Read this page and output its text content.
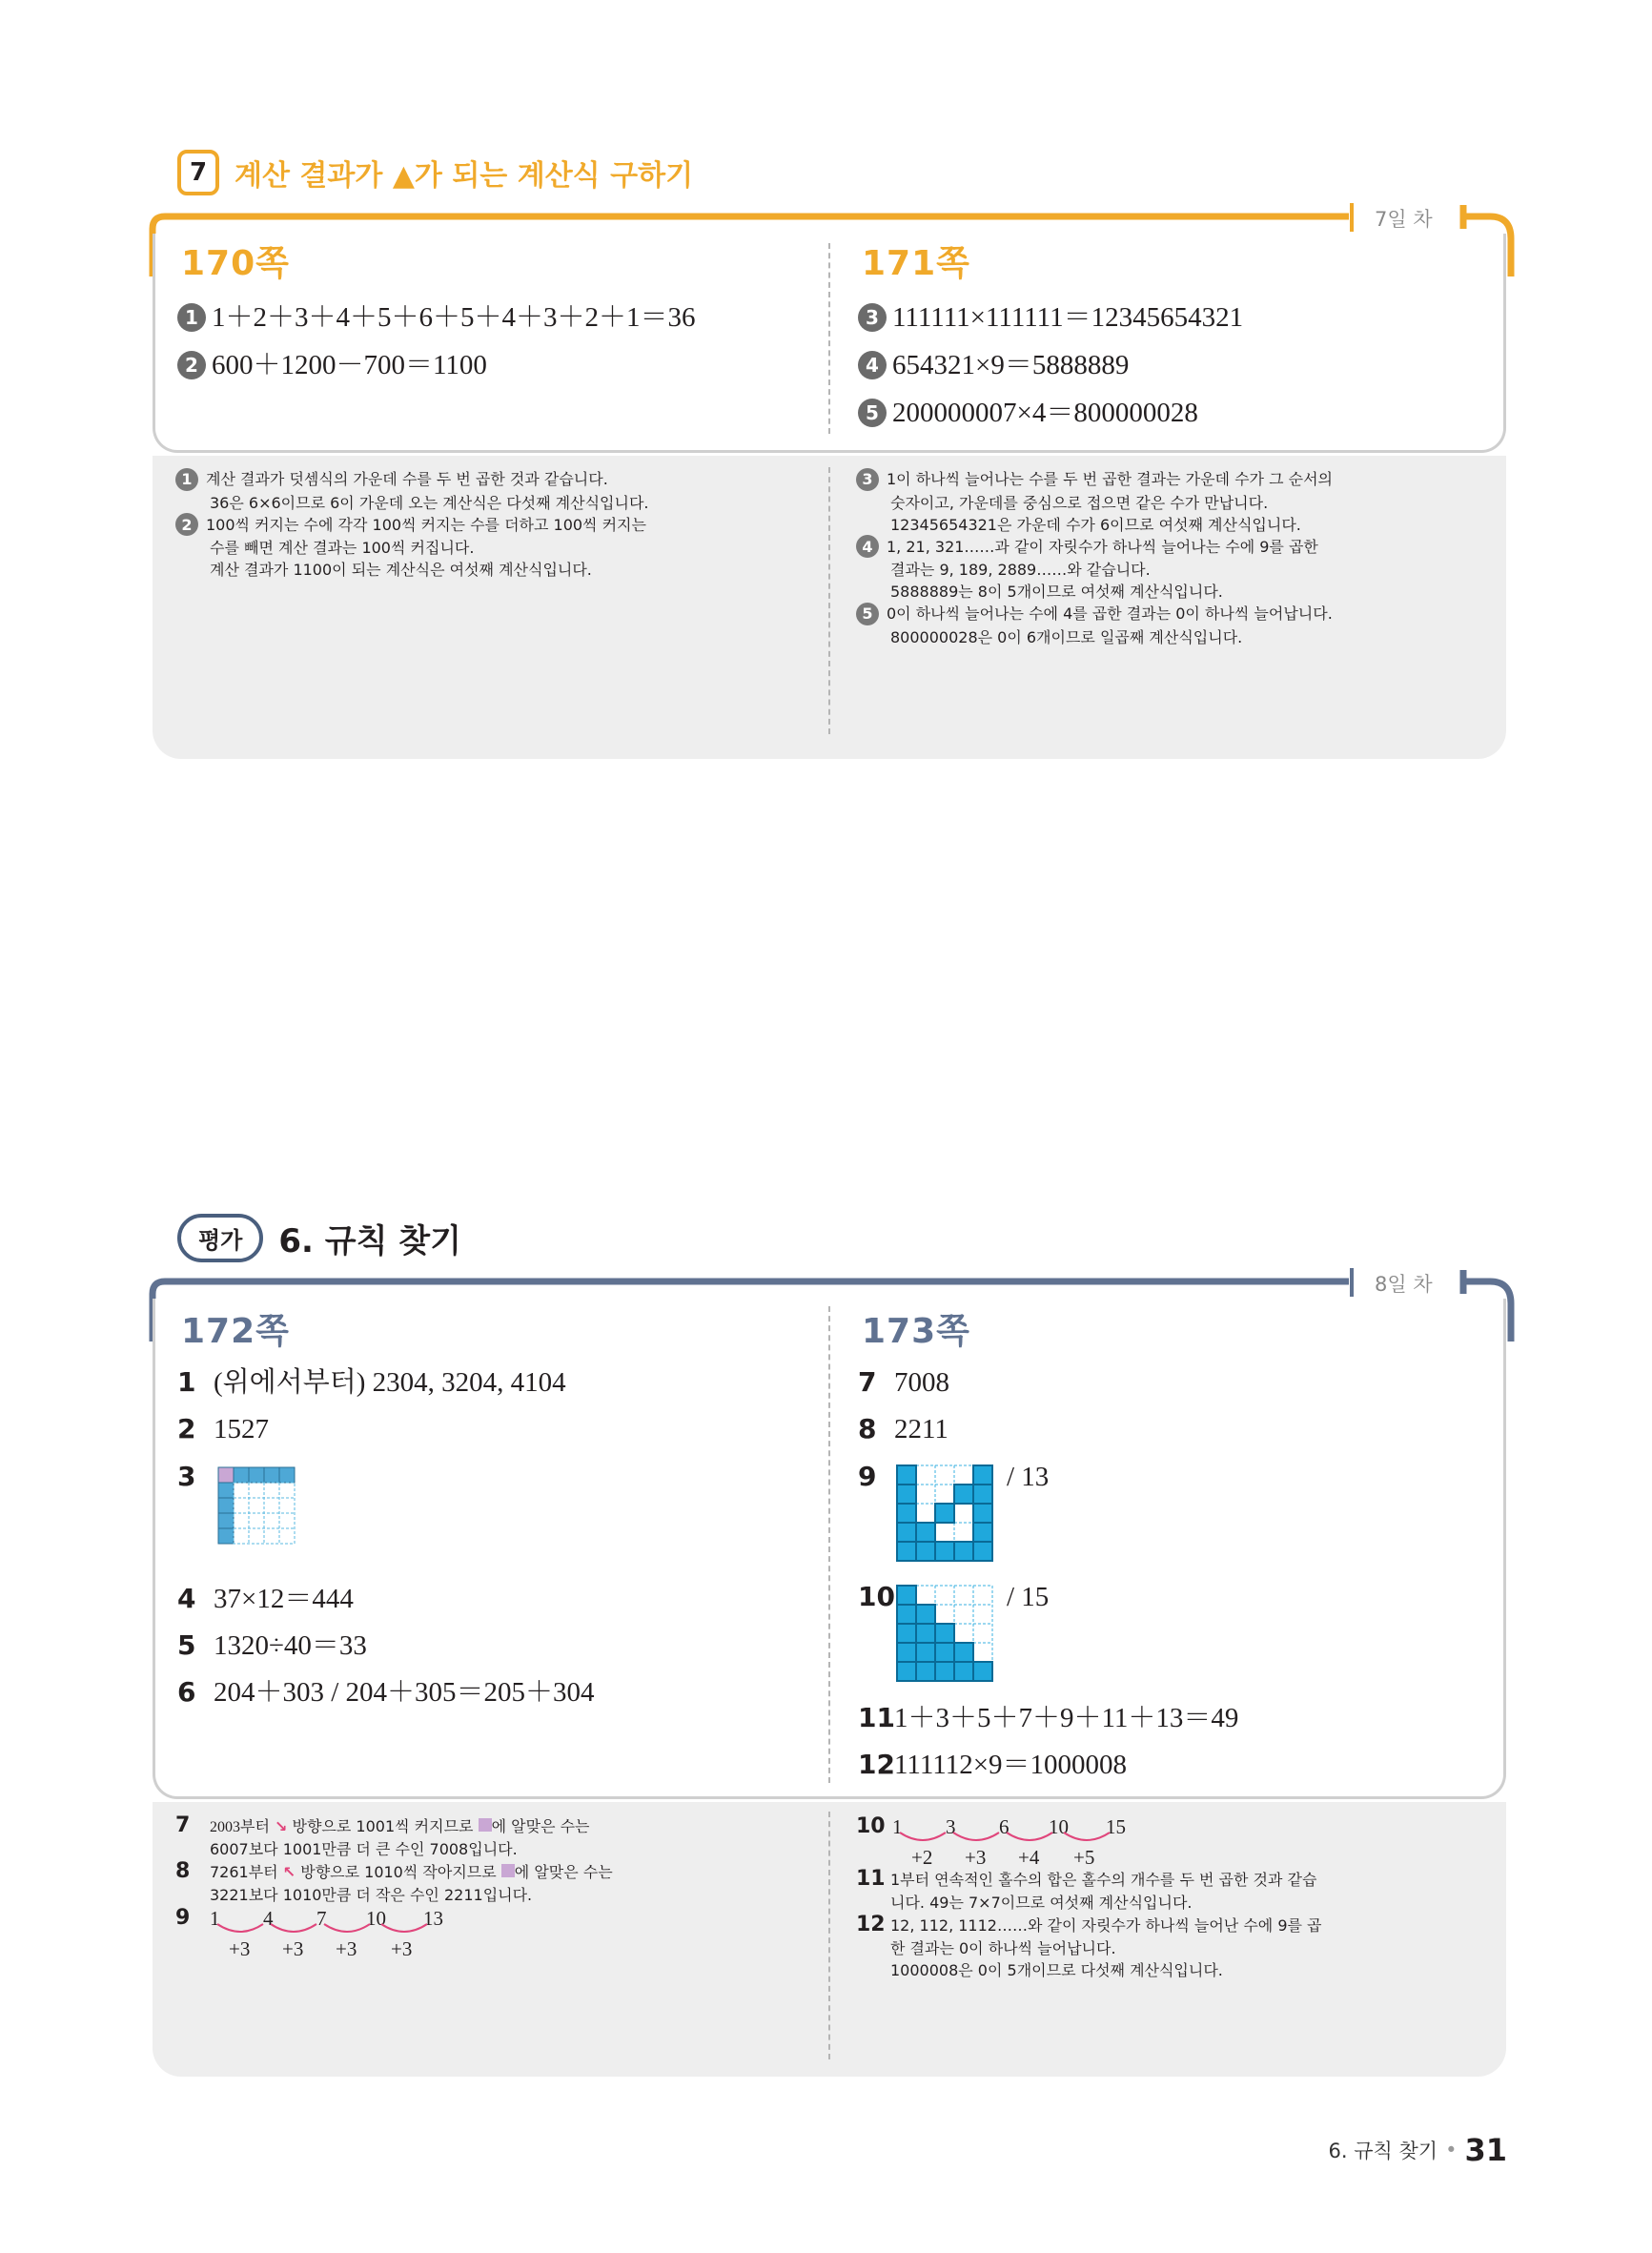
7 계산 결과가 ▲가 되는 계산식 구하기
7일 차
170쪽	171쪽
1 1＋2＋3＋4＋5＋6＋5＋4＋3＋2＋1＝36
2 600＋1200－700＝1100
3 111111×111111＝12345654321
4 654321×9＝5888889
5 200000007×4＝800000028

1 계산 결과가 덧셈식의 가운데 수를 두 번 곱한 것과 같습니다.

36은 6×6이므로 6이 가운데 오는 계산식은 다섯째 계산식입니다.

2 100씩 커지는 수에 각각 100씩 커지는 수를 더하고 100씩 커지는

수를 빼면 계산 결과는 100씩 커집니다.

계산 결과가 1100이 되는 계산식은 여섯째 계산식입니다.

3 1이 하나씩 늘어나는 수를 두 번 곱한 결과는 가운데 수가 그 순서의

숫자이고, 가운데를 중심으로 접으면 같은 수가 만납니다.

12345654321은 가운데 수가 6이므로 여섯째 계산식입니다.

4 1, 21, 321……과 같이 자릿수가 하나씩 늘어나는 수에 9를 곱한

결과는 9, 189, 2889……와 같습니다.

5888889는 8이 5개이므로 여섯째 계산식입니다.

5 0이 하나씩 늘어나는 수에 4를 곱한 결과는 0이 하나씩 늘어납니다.

800000028은 0이 6개이므로 일곱째 계산식입니다.

평가	6. 규칙 찾기
8일 차
172쪽	173쪽
1 (위에서부터) 2304, 3204, 4104
2 1527
3
4 37×12＝444
5 1320÷40＝33
6 204＋303 / 204＋305＝205＋304
7 7008
8 2211
9	/ 13
10	/ 15
11 1＋3＋5＋7＋9＋11＋13＝49
12 111112×9＝1000008

7 2003부터 ↘ 방향으로 1001씩 커지므로 에 알맞은 수는

6007보다 1001만큼 더 큰 수인 7008입니다.

8 7261부터 ↖ 방향으로 1010씩 작아지므로 에 알맞은 수는

3221보다 1010만큼 더 작은 수인 2211입니다.

9 1 4 7 10 13
+3 +3 +3 +3
10 1 3 6 10 15
+2 +3 +4 +5

11 1부터 연속적인 홀수의 합은 홀수의 개수를 두 번 곱한 것과 같습

니다. 49는 7×7이므로 여섯째 계산식입니다.

12 12, 112, 1112……와 같이 자릿수가 하나씩 늘어난 수에 9를 곱

한 결과는 0이 하나씩 늘어납니다.

1000008은 0이 5개이므로 다섯째 계산식입니다.

6. 규칙 찾기 • 31
